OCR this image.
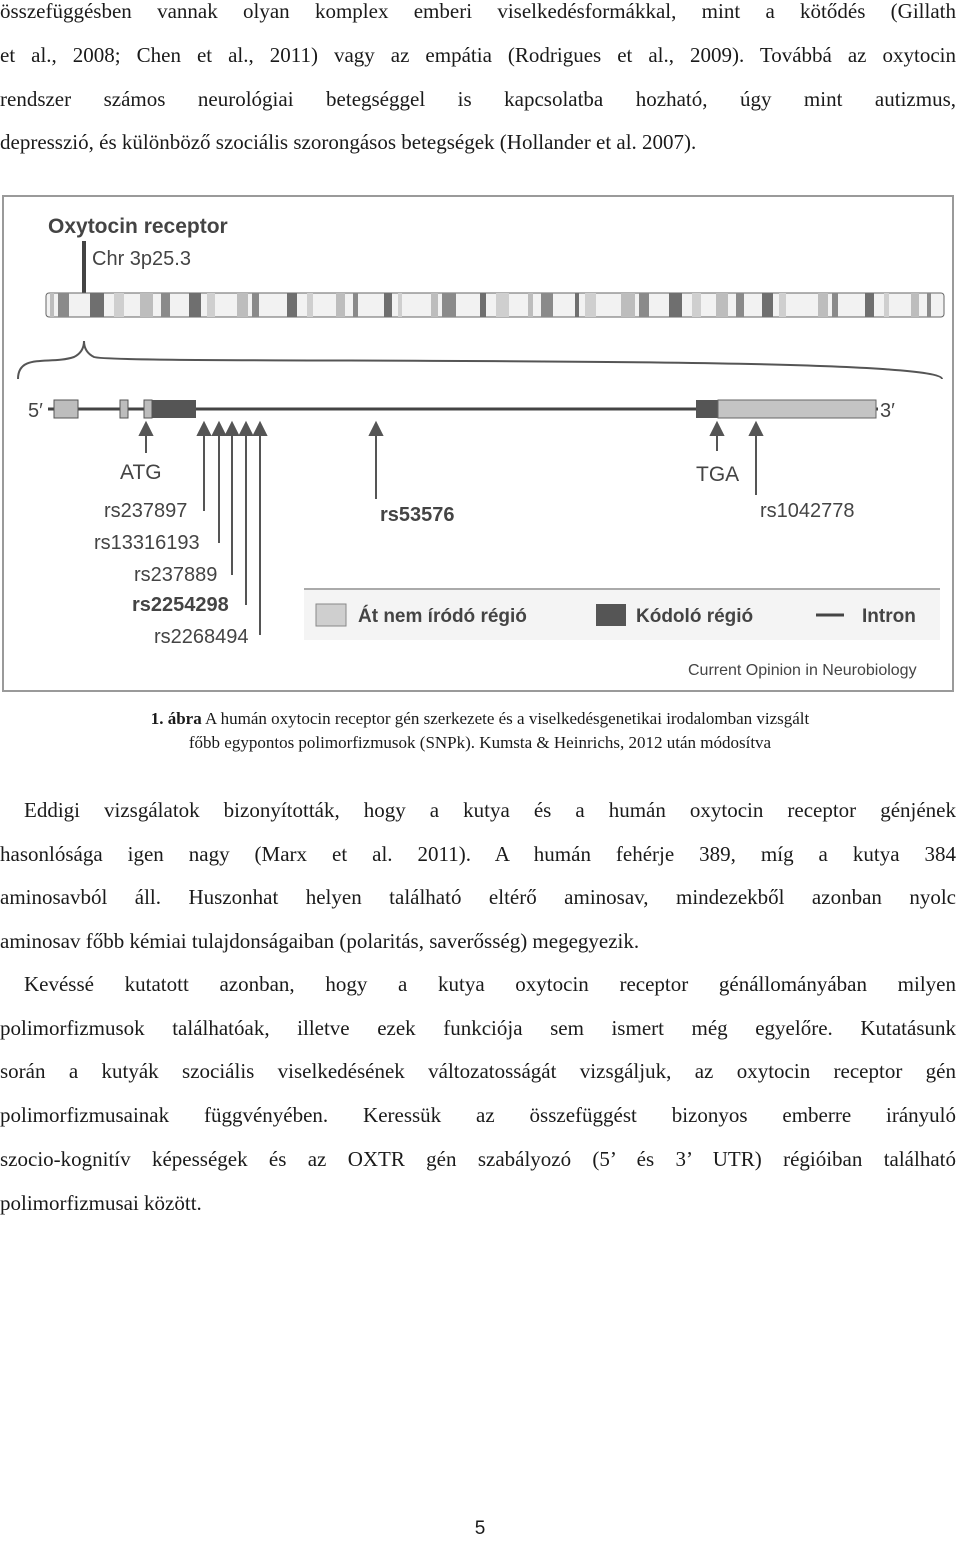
összefüggésben vannak olyan komplex emberi viselkedésformákkal, mint a kötődés (Gillath
et al., 2008; Chen et al., 2011) vagy az empátia (Rodrigues et al., 2009). Továbbá az oxytocin
rendszer számos neurológiai betegséggel is kapcsolatba hozható, úgy mint autizmus,
depresszió, és különböző szociális szorongásos betegségek (Hollander et al. 2007).
Oxytocin receptor
Chr 3p25.3
5′	3′
ATG
rs237897
rs13316193
rs237889
rs2254298
rs2268494
rs53576
TGA
rs1042778
Át nem íródó régió	Kódoló régió	Intron
Current Opinion in Neurobiology
1. ábra A humán oxytocin receptor gén szerkezete és a viselkedésgenetikai irodalomban vizsgált
főbb egypontos polimorfizmusok (SNPk). Kumsta & Heinrichs, 2012 után módosítva
Eddigi vizsgálatok bizonyították, hogy a kutya és a humán oxytocin receptor génjének
hasonlósága igen nagy (Marx et al. 2011). A humán fehérje 389, míg a kutya 384
aminosavból áll. Huszonhat helyen található eltérő aminosav, mindezekből azonban nyolc
aminosav főbb kémiai tulajdonságaiban (polaritás, saverősség) megegyezik.
Kevéssé kutatott azonban, hogy a kutya oxytocin receptor génállományában milyen
polimorfizmusok találhatóak, illetve ezek funkciója sem ismert még egyelőre. Kutatásunk
során a kutyák szociális viselkedésének változatosságát vizsgáljuk, az oxytocin receptor gén
polimorfizmusainak függvényében. Keressük az összefüggést bizonyos emberre irányuló
szocio-kognitív képességek és az OXTR gén szabályozó (5’ és 3’ UTR) régióiban található
polimorfizmusai között.
5
